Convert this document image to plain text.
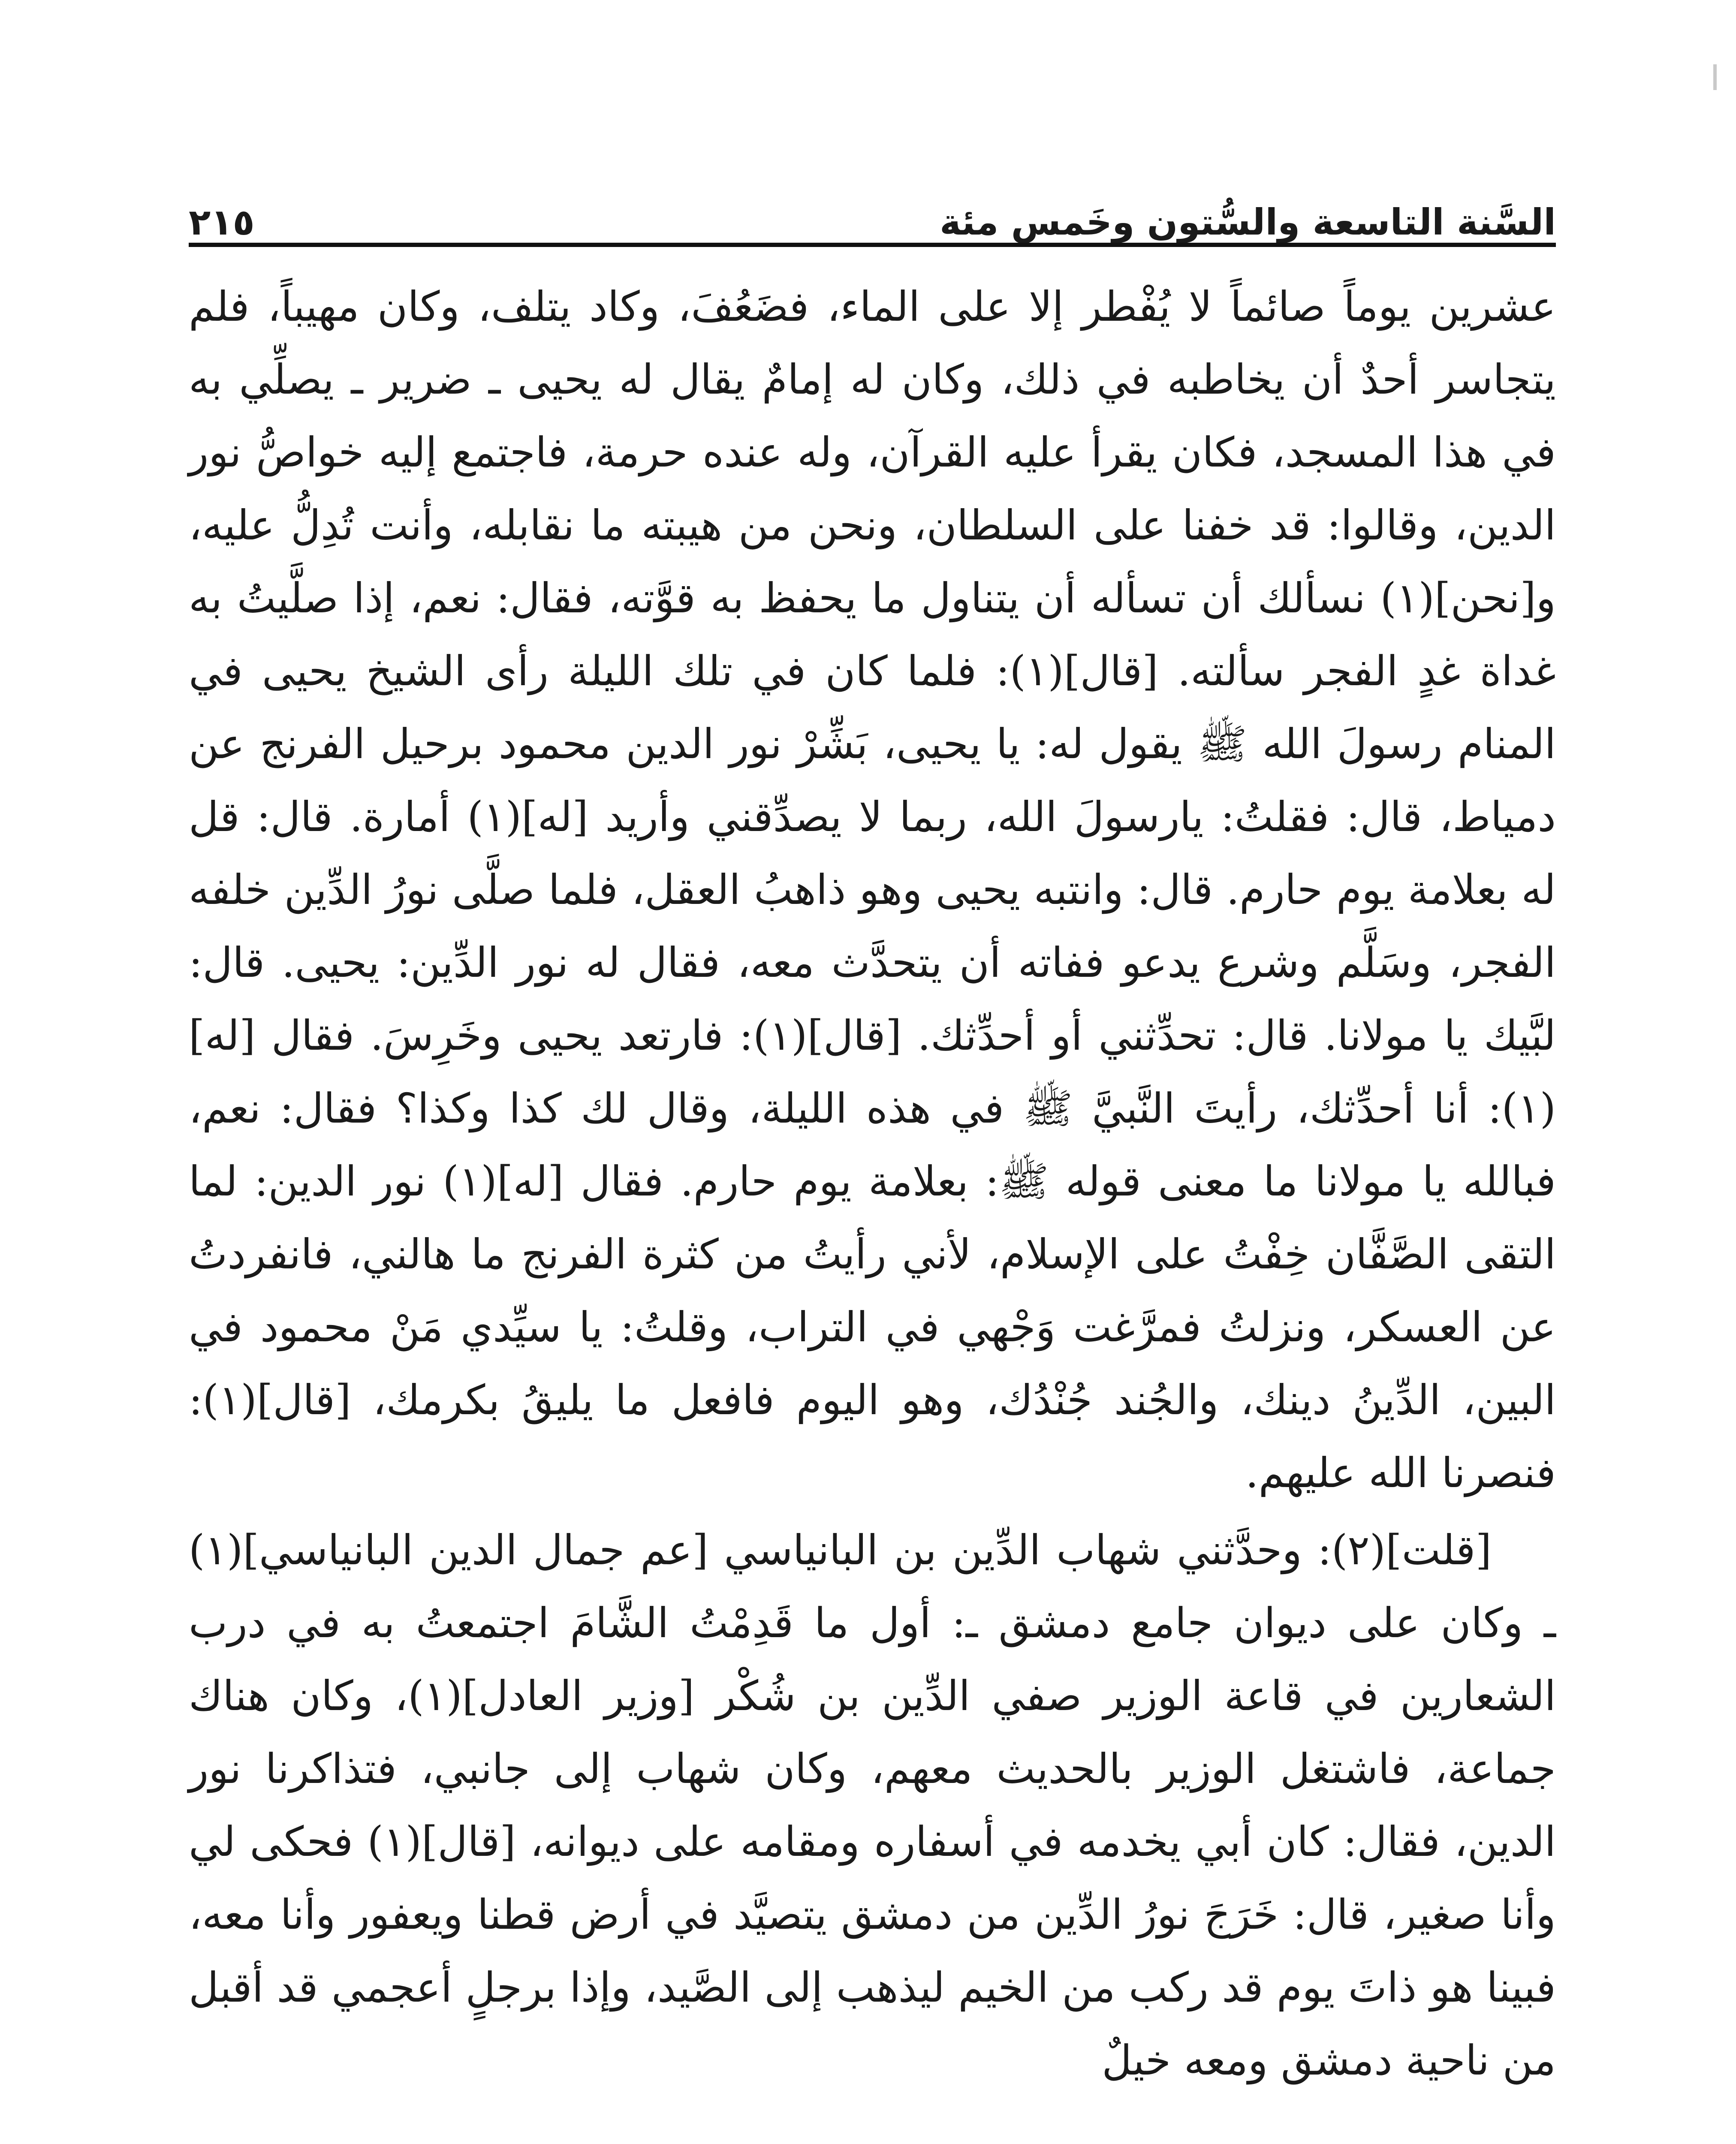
السَّنة التاسعة والسُّتون وخَمس مئة
٢١٥

عشرين يوماً صائماً لا يُفْطر إلا على الماء، فضَعُفَ، وكاد يتلف، وكان مهيباً، فلم يتجاسر أحدٌ أن يخاطبه في ذلك، وكان له إمامٌ يقال له يحيى ـ ضرير ـ يصلِّي به في هذا المسجد، فكان يقرأ عليه القرآن، وله عنده حرمة، فاجتمع إليه خواصُّ نور الدين، وقالوا: قد خفنا على السلطان، ونحن من هيبته ما نقابله، وأنت تُدِلُّ عليه، و[نحن](١) نسألك أن تسأله أن يتناول ما يحفظ به قوَّته، فقال: نعم، إذا صلَّيتُ به غداة غدٍ الفجر سألته. [قال](١): فلما كان في تلك الليلة رأى الشيخ يحيى في المنام رسولَ الله ﷺ يقول له: يا يحيى، بَشِّرْ نور الدين محمود برحيل الفرنج عن دمياط، قال: فقلتُ: يارسولَ الله، ربما لا يصدِّقني وأريد [له](١) أمارة. قال: قل له بعلامة يوم حارم. قال: وانتبه يحيى وهو ذاهبُ العقل، فلما صلَّى نورُ الدِّين خلفه الفجر، وسَلَّم وشرع يدعو ففاته أن يتحدَّث معه، فقال له نور الدِّين: يحيى. قال: لبَّيك يا مولانا. قال: تحدِّثني أو أحدِّثك. [قال](١): فارتعد يحيى وخَرِسَ. فقال [له](١): أنا أحدِّثك، رأيتَ النَّبيَّ ﷺ في هذه الليلة، وقال لك كذا وكذا؟ فقال: نعم، فبالله يا مولانا ما معنى قوله ﷺ: بعلامة يوم حارم. فقال [له](١) نور الدين: لما التقى الصَّفَّان خِفْتُ على الإسلام، لأني رأيتُ من كثرة الفرنج ما هالني، فانفردتُ عن العسكر، ونزلتُ فمرَّغت وَجْهي في التراب، وقلتُ: يا سيِّدي مَنْ محمود في البين، الدِّينُ دينك، والجُند جُنْدُك، وهو اليوم فافعل ما يليقُ بكرمك، [قال](١): فنصرنا الله عليهم.

[قلت](٢): وحدَّثني شهاب الدِّين بن البانياسي [عم جمال الدين البانياسي](١) ـ وكان على ديوان جامع دمشق ـ: أول ما قَدِمْتُ الشَّامَ اجتمعتُ به في درب الشعارين في قاعة الوزير صفي الدِّين بن شُكْر [وزير العادل](١)، وكان هناك جماعة، فاشتغل الوزير بالحديث معهم، وكان شهاب إلى جانبي، فتذاكرنا نور الدين، فقال: كان أبي يخدمه في أسفاره ومقامه على ديوانه، [قال](١) فحكى لي وأنا صغير، قال: خَرَجَ نورُ الدِّين من دمشق يتصيَّد في أرض قطنا ويعفور وأنا معه، فبينا هو ذاتَ يوم قد ركب من الخيم ليذهب إلى الصَّيد، وإذا برجلٍ أعجمي قد أقبل من ناحية دمشق ومعه خيلٌ
